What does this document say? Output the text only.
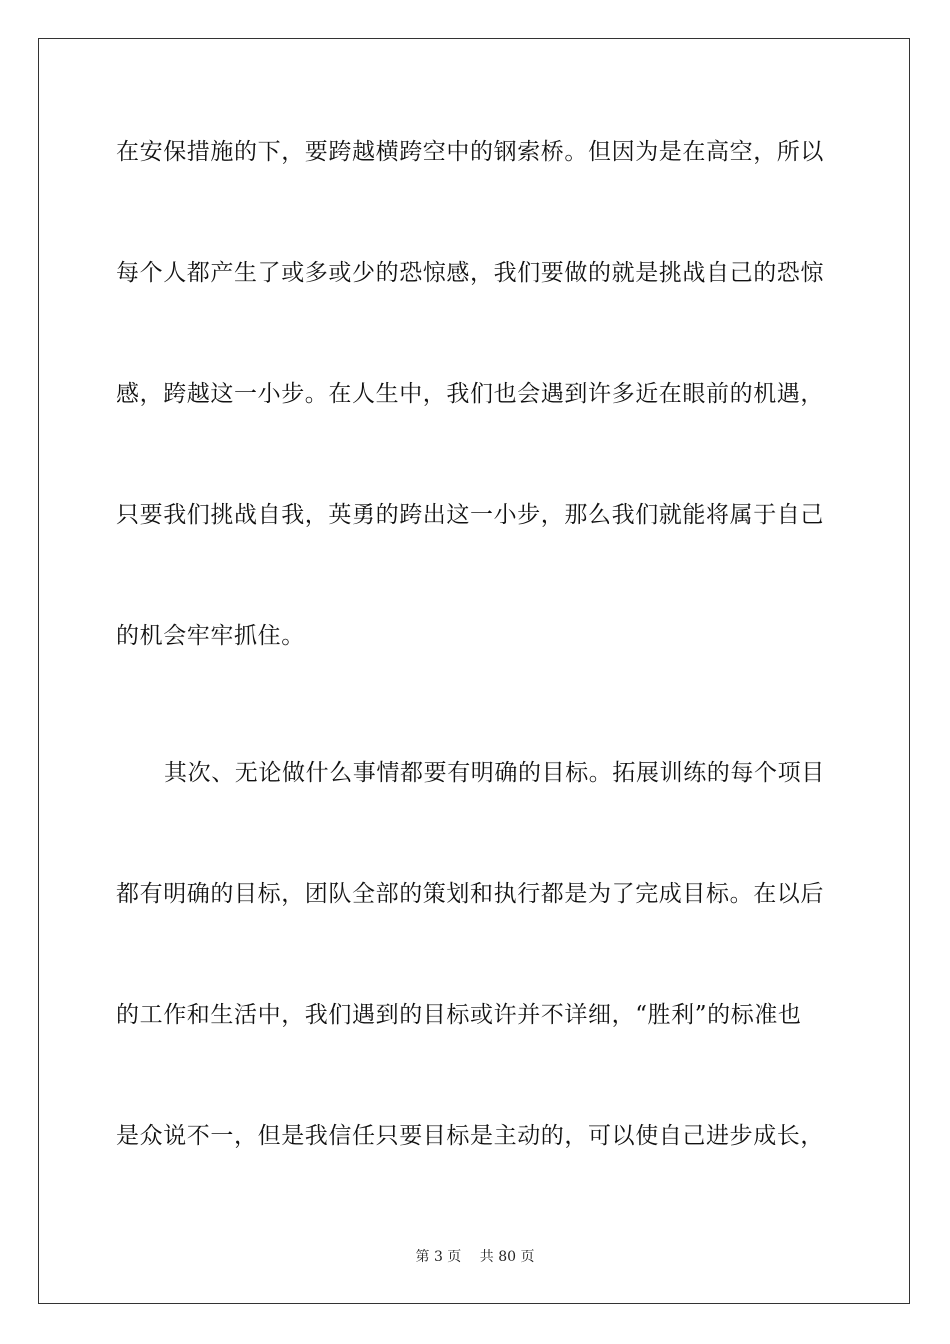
在安保措施的下，要跨越横跨空中的钢索桥。但因为是在高空，所以
每个人都产生了或多或少的恐惊感，我们要做的就是挑战自己的恐惊
感，跨越这一小步。在人生中，我们也会遇到许多近在眼前的机遇，
只要我们挑战自我，英勇的跨出这一小步，那么我们就能将属于自己
的机会牢牢抓住。
其次、无论做什么事情都要有明确的目标。拓展训练的每个项目
都有明确的目标，团队全部的策划和执行都是为了完成目标。在以后
的工作和生活中，我们遇到的目标或许并不详细，“胜利”的标准也
是众说不一，但是我信任只要目标是主动的，可以使自己进步成长，
第 3 页 共 80 页
